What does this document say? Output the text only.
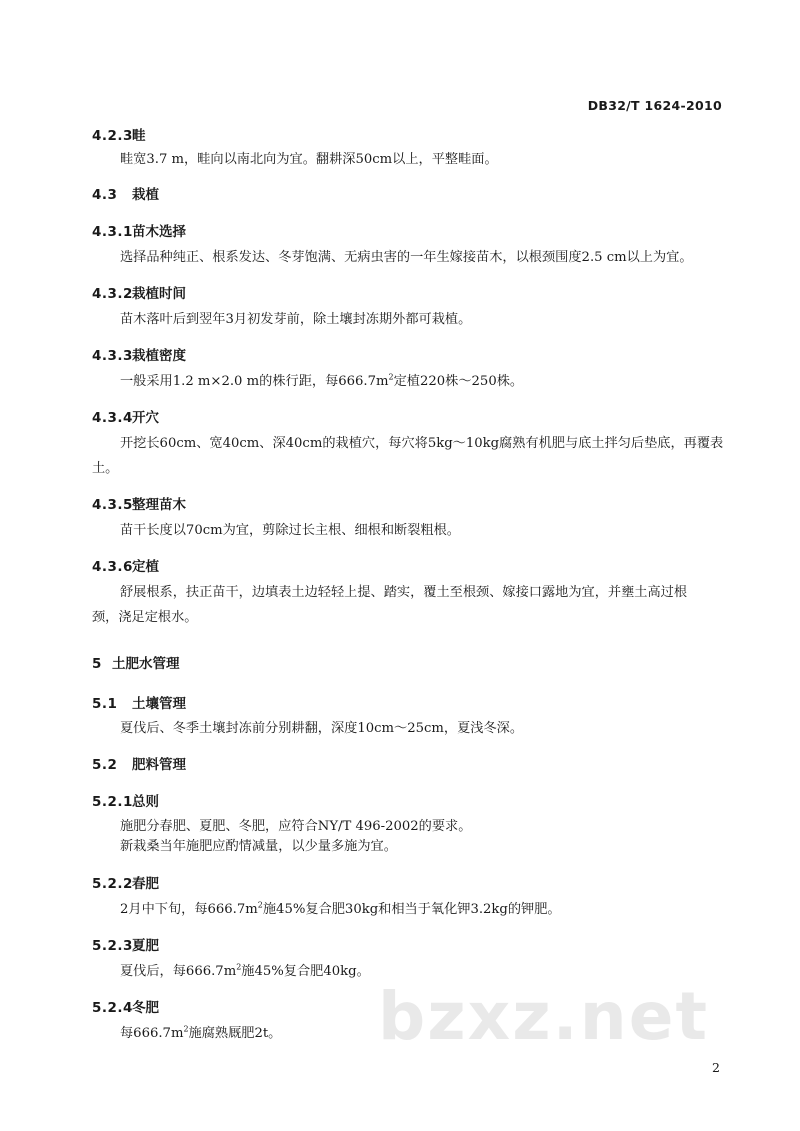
DB32/T 1624-2010
4.2.3畦
畦宽3.7 m，畦向以南北向为宜。翻耕深50cm以上，平整畦面。
4.3 栽植
4.3.1苗木选择
选择品种纯正、根系发达、冬芽饱满、无病虫害的一年生嫁接苗木，以根颈围度2.5 cm以上为宜。
4.3.2栽植时间
苗木落叶后到翌年3月初发芽前，除土壤封冻期外都可栽植。
4.3.3栽植密度
一般采用1.2 m×2.0 m的株行距，每$666.7m^2$定植220株～250株。
4.3.4开穴
开挖长60cm、宽40cm、深40cm的栽植穴，每穴将5kg～10kg腐熟有机肥与底土拌匀后垫底，再覆表
土。
4.3.5整理苗木
苗干长度以70cm为宜，剪除过长主根、细根和断裂粗根。
4.3.6定植
舒展根系，扶正苗干，边填表土边轻轻上提、踏实，覆土至根颈、嫁接口露地为宜，并壅土高过根
颈，浇足定根水。
5 土肥水管理
5.1 土壤管理
夏伐后、冬季土壤封冻前分别耕翻，深度10cm～25cm，夏浅冬深。
5.2 肥料管理
5.2.1总则
施肥分春肥、夏肥、冬肥，应符合NY/T 496-2002的要求。
新栽桑当年施肥应酌情减量，以少量多施为宜。
5.2.2春肥
2月中下旬，每$666.7m^2$施45%复合肥30kg和相当于氧化钾3.2kg的钾肥。
5.2.3夏肥
夏伐后，每$666.7m^2$施45%复合肥40kg。
bzxz.net
5.2.4冬肥
每$666.7m^2$施腐熟厩肥2t。
2
